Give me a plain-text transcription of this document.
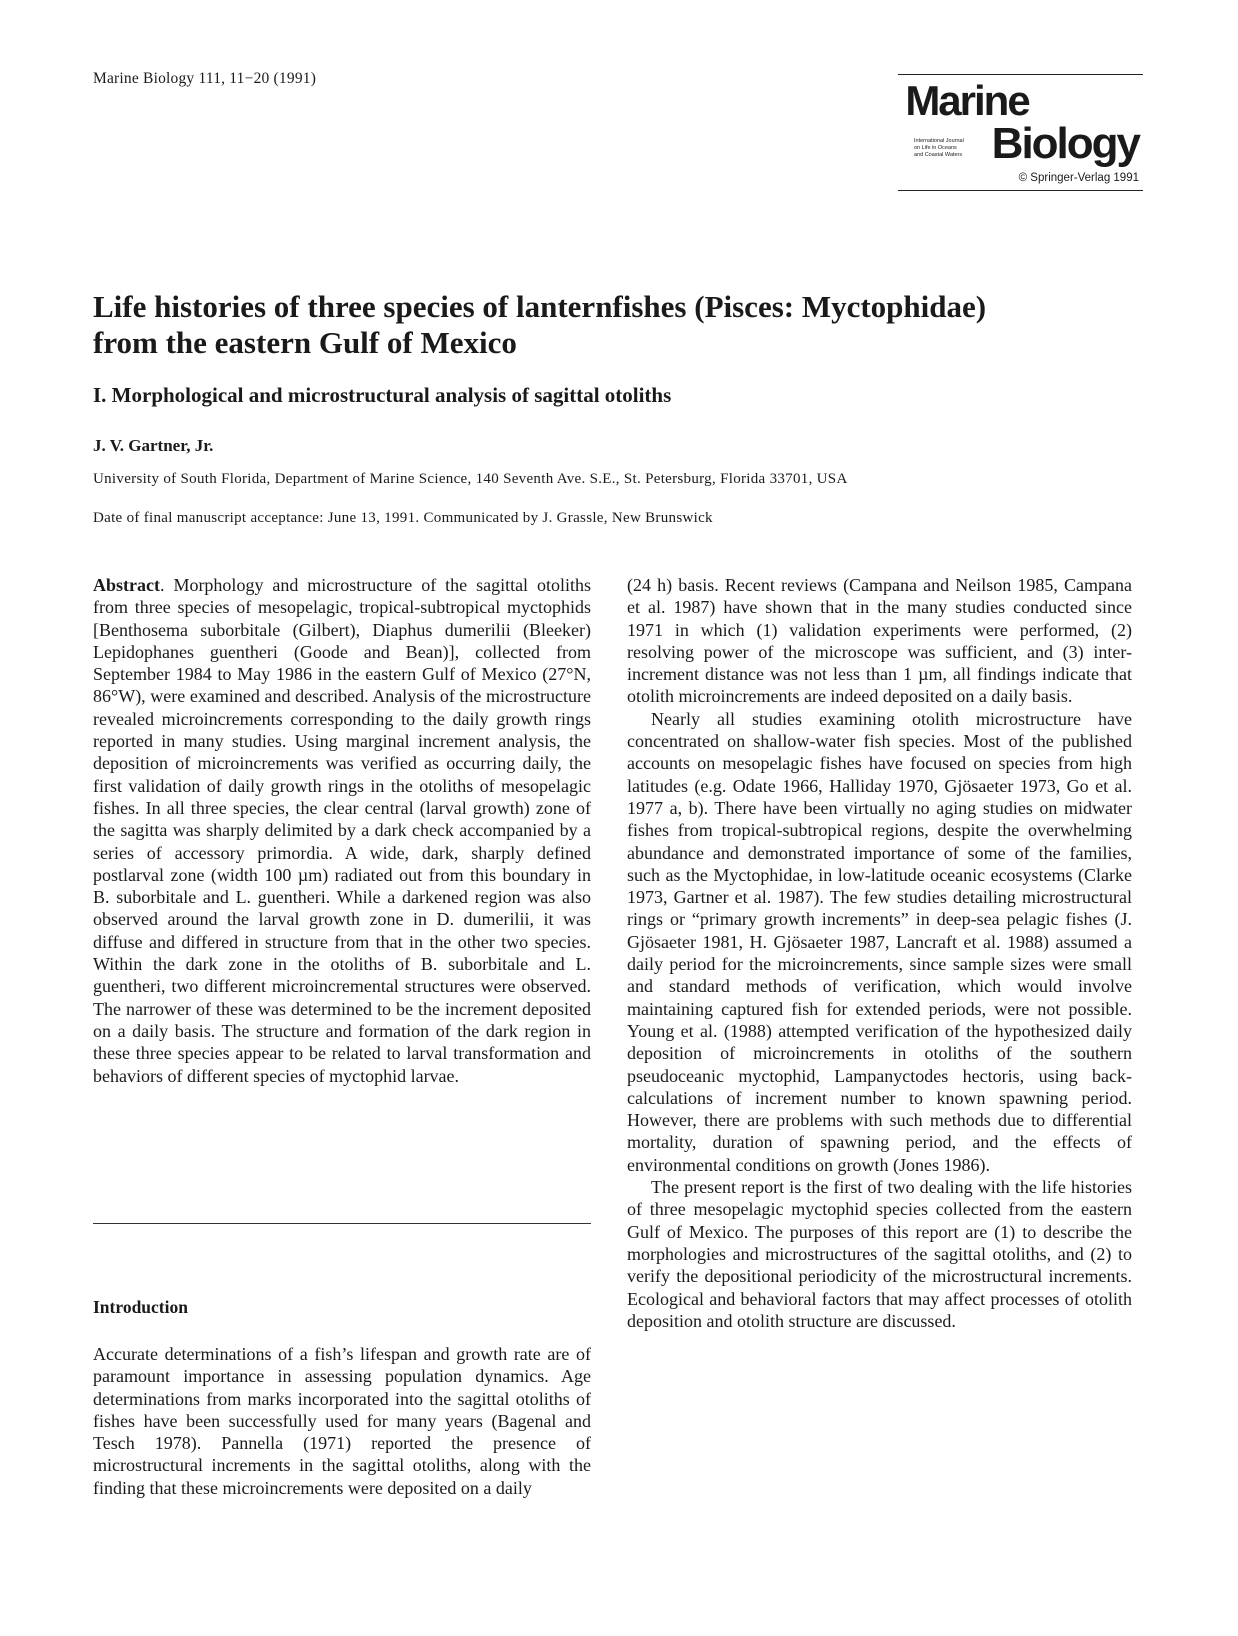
Marine Biology 111, 11−20 (1991)	Marine
International Journal
on Life in Oceans
and Coastal Waters Biology
© Springer-Verlag 1991
Life histories of three species of lanternfishes (Pisces: Myctophidae)
from the eastern Gulf of Mexico
I. Morphological and microstructural analysis of sagittal otoliths
J. V. Gartner, Jr.
University of South Florida, Department of Marine Science, 140 Seventh Ave. S.E., St. Petersburg, Florida 33701, USA
Date of final manuscript acceptance: June 13, 1991. Communicated by J. Grassle, New Brunswick

Abstract. Morphology and microstructure of the sagittal otoliths from three species of mesopelagic, tropical-subtropical myctophids [Benthosema suborbitale (Gilbert), Diaphus dumerilii (Bleeker) Lepidophanes guentheri (Goode and Bean)], collected from September 1984 to May 1986 in the eastern Gulf of Mexico (27°N, 86°W), were examined and described. Analysis of the microstructure revealed microincrements corresponding to the daily growth rings reported in many studies. Using marginal increment analysis, the deposition of microincrements was verified as occurring daily, the first validation of daily growth rings in the otoliths of mesopelagic fishes. In all three species, the clear central (larval growth) zone of the sagitta was sharply delimited by a dark check accompanied by a series of accessory primordia. A wide, dark, sharply defined postlarval zone (width 100 µm) radiated out from this boundary in B. suborbitale and L. guentheri. While a darkened region was also observed around the larval growth zone in D. dumerilii, it was diffuse and differed in structure from that in the other two species. Within the dark zone in the otoliths of B. suborbitale and L. guentheri, two different microincremental structures were observed. The narrower of these was determined to be the increment deposited on a daily basis. The structure and formation of the dark region in these three species appear to be related to larval transformation and behaviors of different species of myctophid larvae.

Introduction

Accurate determinations of a fish’s lifespan and growth rate are of paramount importance in assessing population dynamics. Age determinations from marks incorporated into the sagittal otoliths of fishes have been successfully used for many years (Bagenal and Tesch 1978). Pannella (1971) reported the presence of microstructural increments in the sagittal otoliths, along with the finding that these microincrements were deposited on a daily

(24 h) basis. Recent reviews (Campana and Neilson 1985, Campana et al. 1987) have shown that in the many studies conducted since 1971 in which (1) validation experiments were performed, (2) resolving power of the microscope was sufficient, and (3) inter-increment distance was not less than 1 µm, all findings indicate that otolith microincrements are indeed deposited on a daily basis.

Nearly all studies examining otolith microstructure have concentrated on shallow-water fish species. Most of the published accounts on mesopelagic fishes have focused on species from high latitudes (e.g. Odate 1966, Halliday 1970, Gjösaeter 1973, Go et al. 1977 a, b). There have been virtually no aging studies on midwater fishes from tropical-subtropical regions, despite the overwhelming abundance and demonstrated importance of some of the families, such as the Myctophidae, in low-latitude oceanic ecosystems (Clarke 1973, Gartner et al. 1987). The few studies detailing microstructural rings or “primary growth increments” in deep-sea pelagic fishes (J. Gjösaeter 1981, H. Gjösaeter 1987, Lancraft et al. 1988) assumed a daily period for the microincrements, since sample sizes were small and standard methods of verification, which would involve maintaining captured fish for extended periods, were not possible. Young et al. (1988) attempted verification of the hypothesized daily deposition of microincrements in otoliths of the southern pseudoceanic myctophid, Lampanyctodes hectoris, using back-calculations of increment number to known spawning period. However, there are problems with such methods due to differential mortality, duration of spawning period, and the effects of environmental conditions on growth (Jones 1986).

The present report is the first of two dealing with the life histories of three mesopelagic myctophid species collected from the eastern Gulf of Mexico. The purposes of this report are (1) to describe the morphologies and microstructures of the sagittal otoliths, and (2) to verify the depositional periodicity of the microstructural increments. Ecological and behavioral factors that may affect processes of otolith deposition and otolith structure are discussed.
